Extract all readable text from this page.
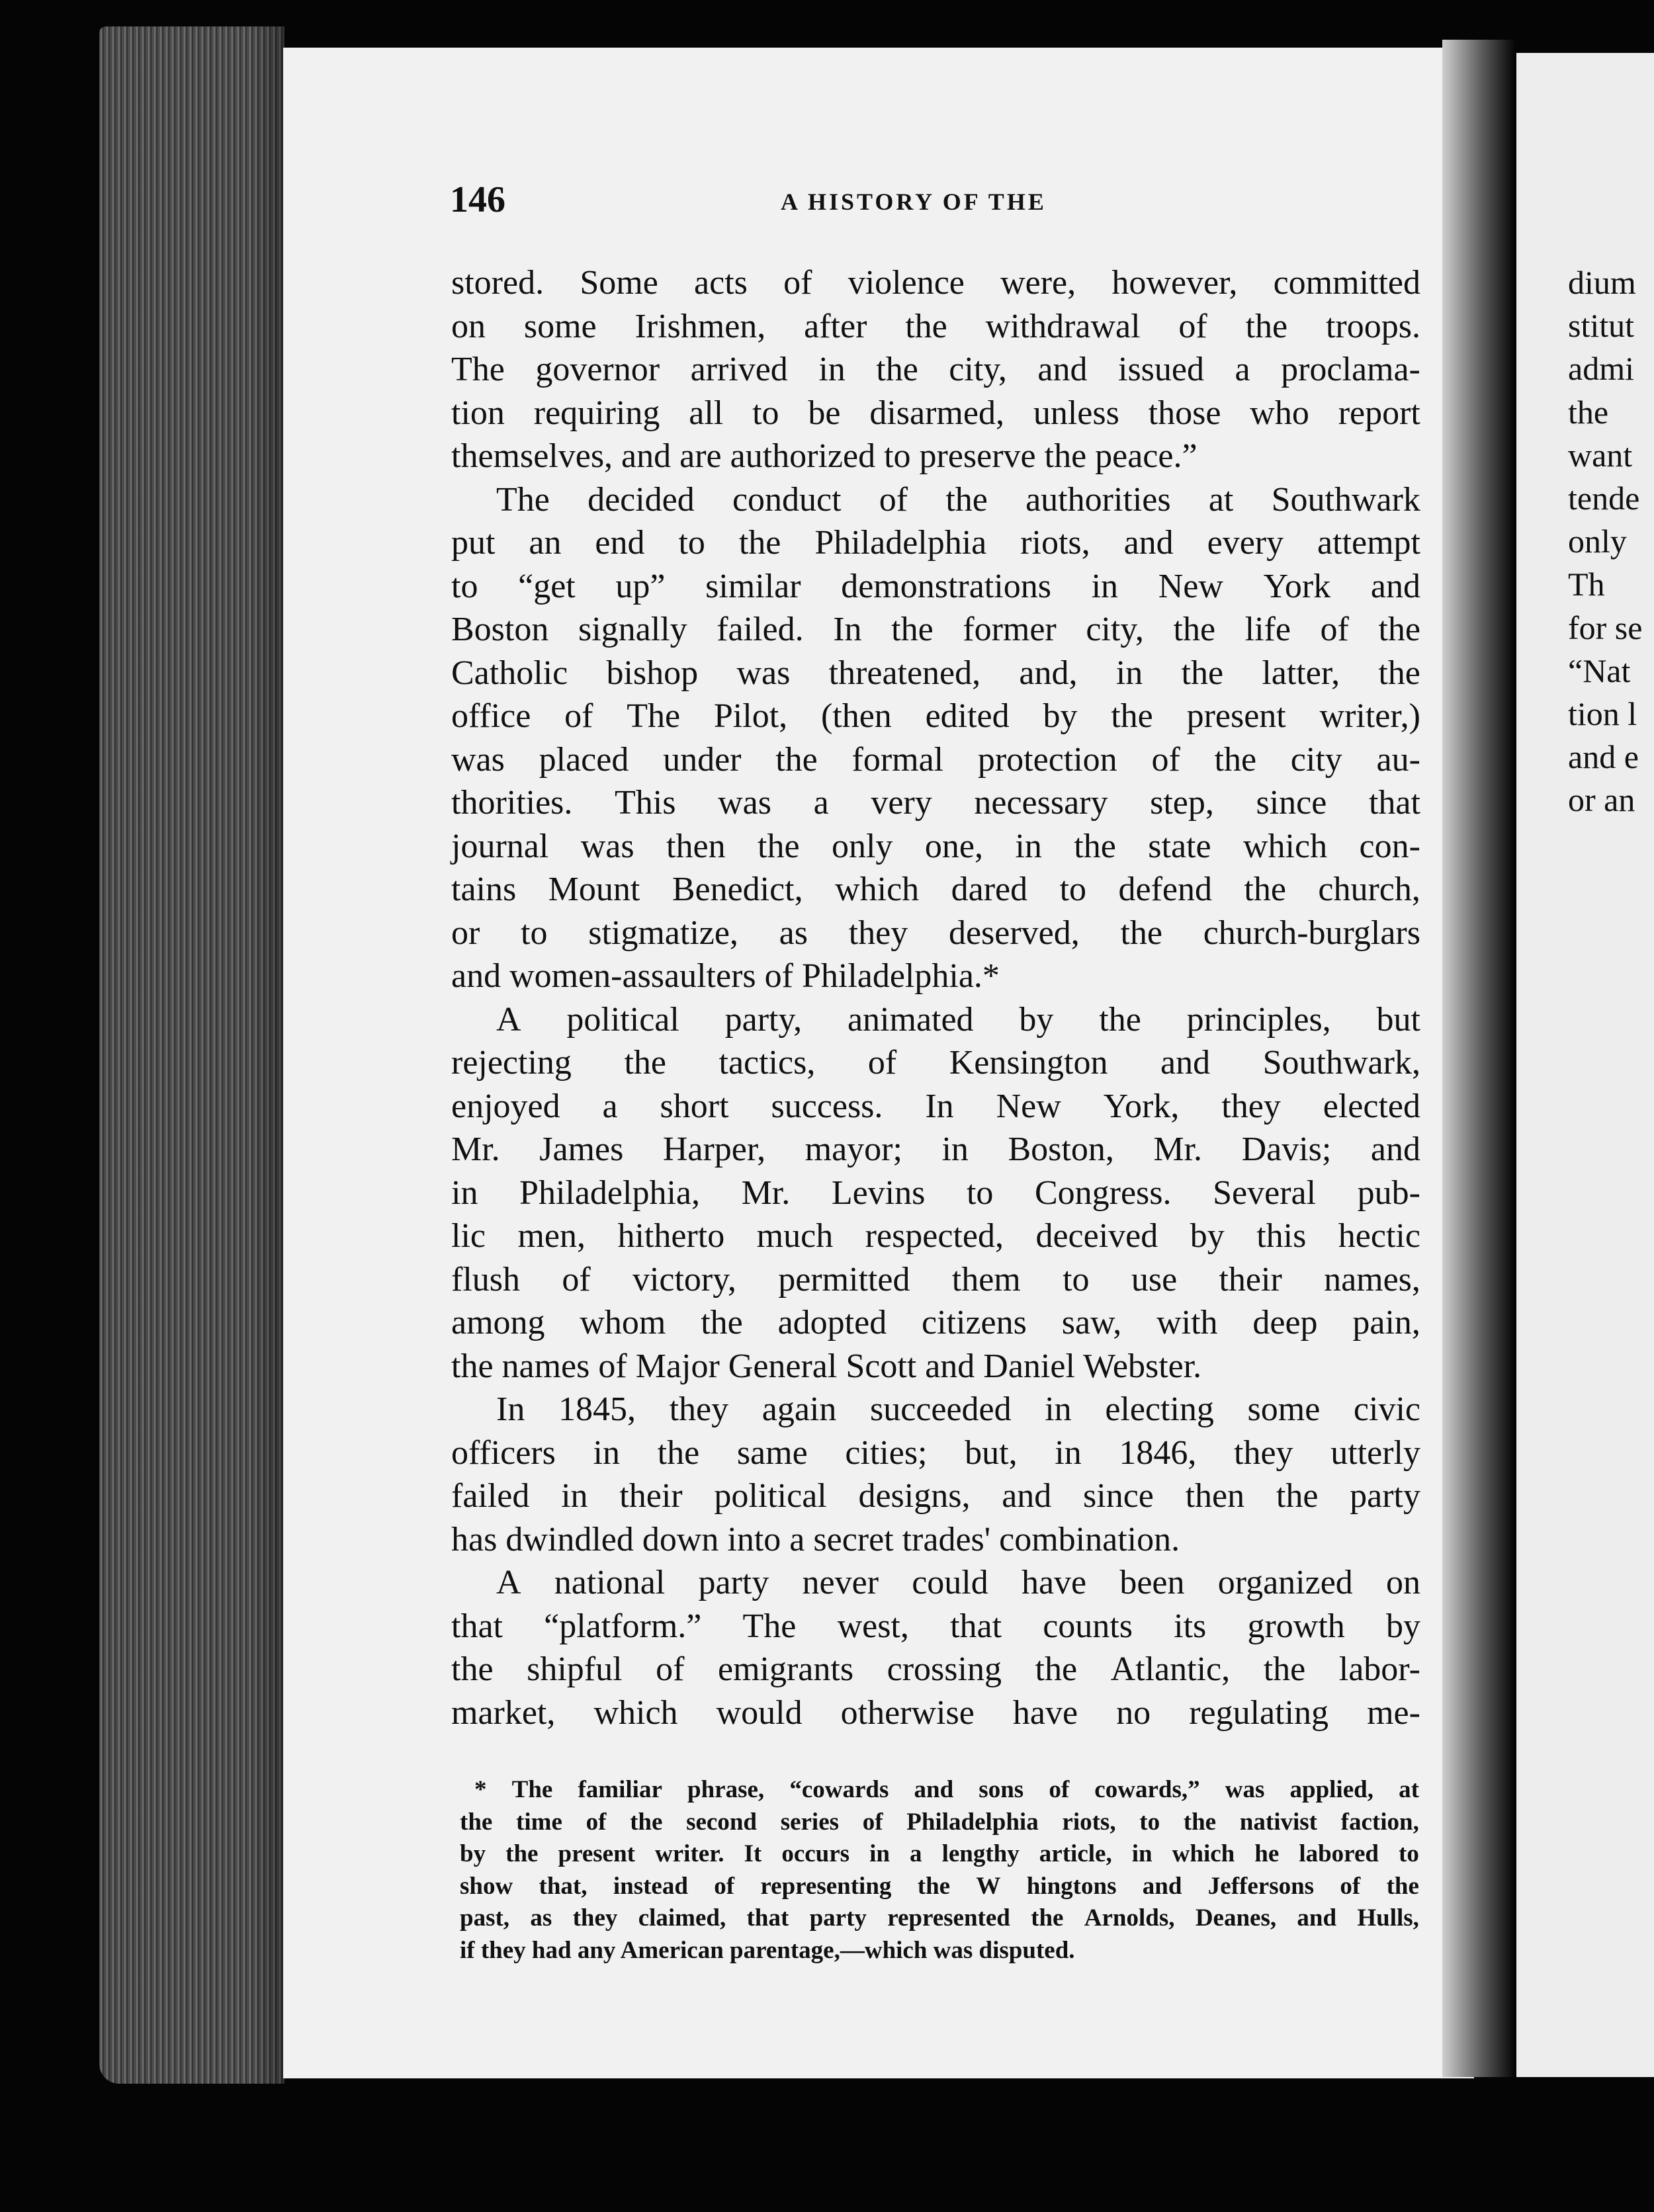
146	A HISTORY OF THE
stored. Some acts of violence were, however, committed
on some Irishmen, after the withdrawal of the troops.
The governor arrived in the city, and issued a proclama-
tion requiring all to be disarmed, unless those who report
themselves, and are authorized to preserve the peace.”
The decided conduct of the authorities at Southwark
put an end to the Philadelphia riots, and every attempt
to “get up” similar demonstrations in New York and
Boston signally failed. In the former city, the life of the
Catholic bishop was threatened, and, in the latter, the
office of The Pilot, (then edited by the present writer,)
was placed under the formal protection of the city au-
thorities. This was a very necessary step, since that
journal was then the only one, in the state which con-
tains Mount Benedict, which dared to defend the church,
or to stigmatize, as they deserved, the church-burglars
and women-assaulters of Philadelphia.*
A political party, animated by the principles, but
rejecting the tactics, of Kensington and Southwark,
enjoyed a short success. In New York, they elected
Mr. James Harper, mayor; in Boston, Mr. Davis; and
in Philadelphia, Mr. Levins to Congress. Several pub-
lic men, hitherto much respected, deceived by this hectic
flush of victory, permitted them to use their names,
among whom the adopted citizens saw, with deep pain,
the names of Major General Scott and Daniel Webster.
In 1845, they again succeeded in electing some civic
officers in the same cities; but, in 1846, they utterly
failed in their political designs, and since then the party
has dwindled down into a secret trades' combination.
A national party never could have been organized on
that “platform.” The west, that counts its growth by
the shipful of emigrants crossing the Atlantic, the labor-
market, which would otherwise have no regulating me-
* The familiar phrase, “cowards and sons of cowards,” was applied, at
the time of the second series of Philadelphia riots, to the nativist faction,
by the present writer. It occurs in a lengthy article, in which he labored to
show that, instead of representing the W hingtons and Jeffersons of the
past, as they claimed, that party represented the Arnolds, Deanes, and Hulls,
if they had any American parentage,—which was disputed.
dium
stitut
admi
the
want
tende
only
Th
for se
“Nat
tion l
and e
or an
